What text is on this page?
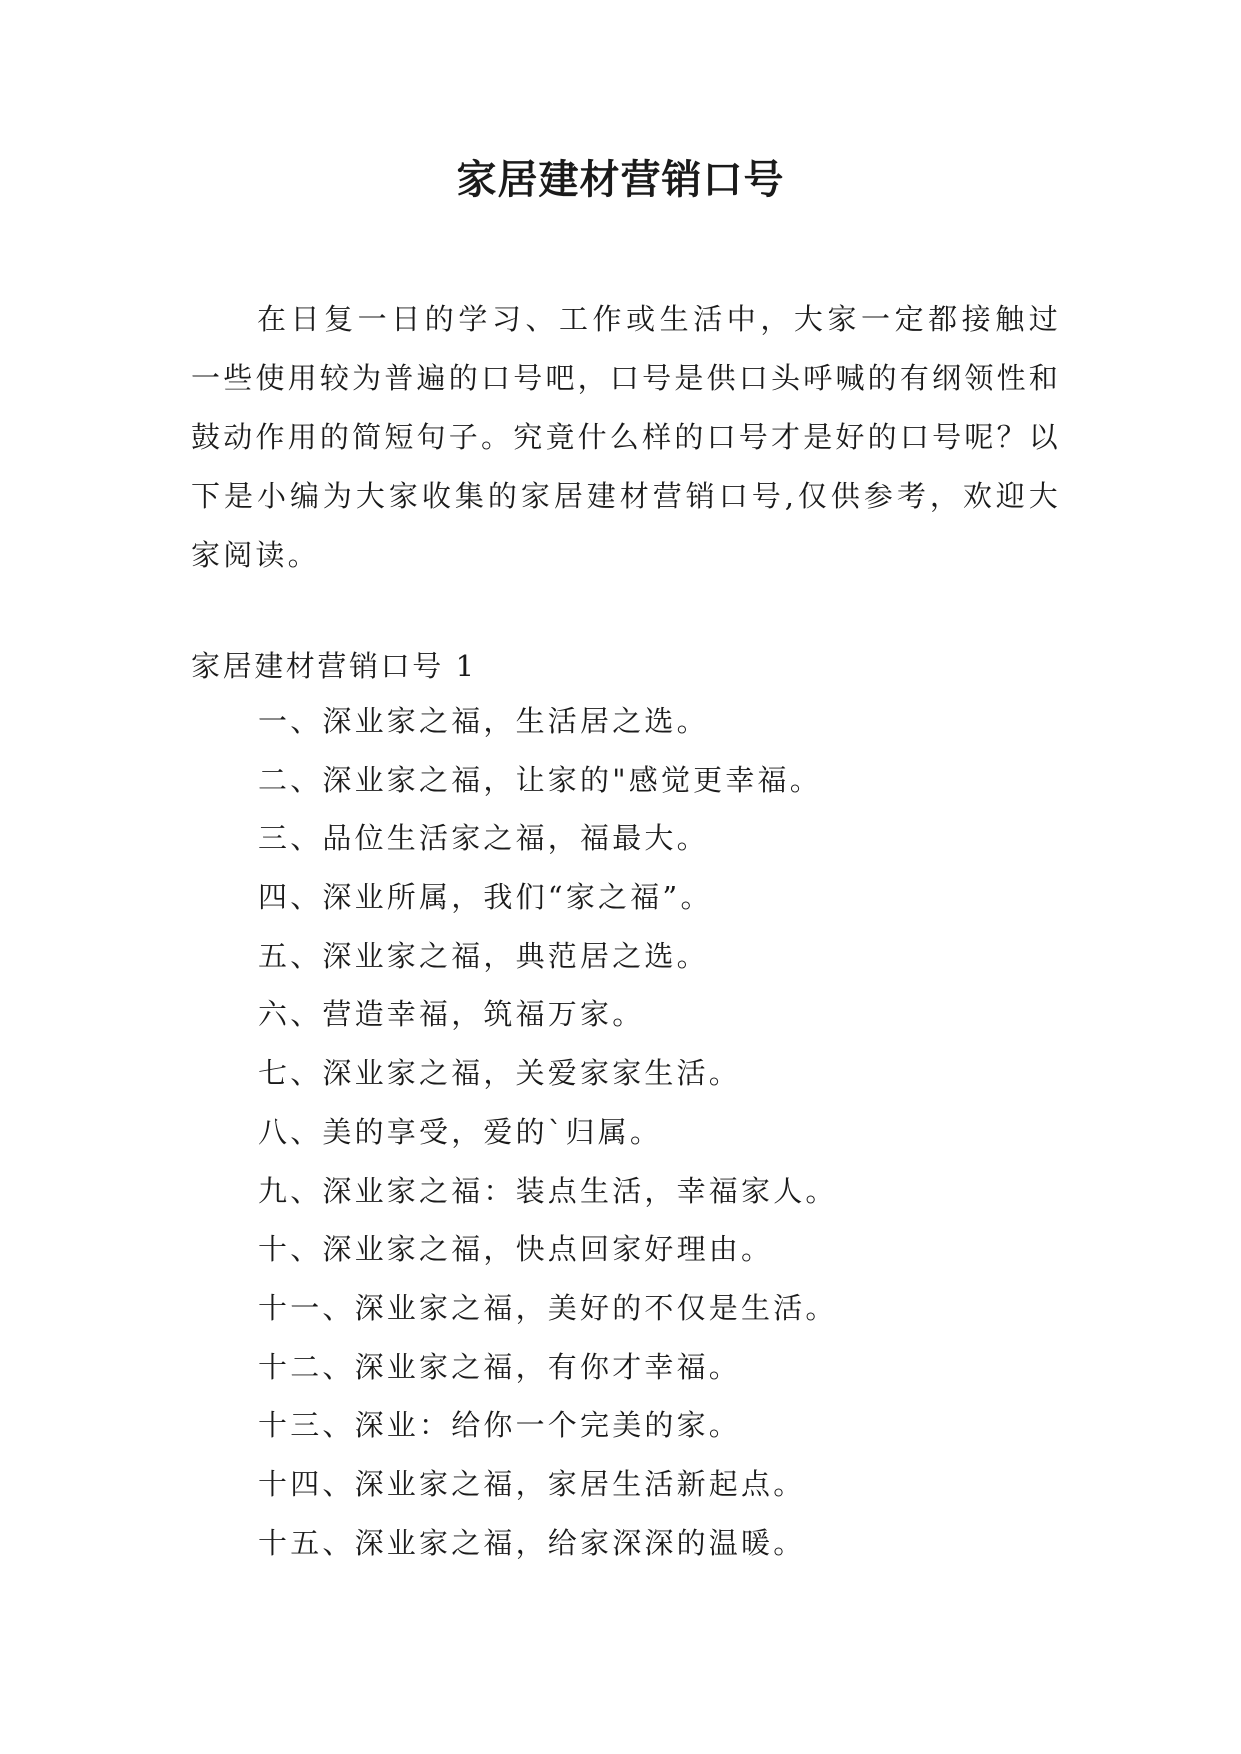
家居建材营销口号

在日复一日的学习、工作或生活中，大家一定都接触过一些使用较为普遍的口号吧，口号是供口头呼喊的有纲领性和鼓动作用的简短句子。究竟什么样的口号才是好的口号呢？以下是小编为大家收集的家居建材营销口号,仅供参考，欢迎大家阅读。

家居建材营销口号 1

一、深业家之福，生活居之选。
二、深业家之福，让家的"感觉更幸福。
三、品位生活家之福，福最大。
四、深业所属，我们“家之福”。
五、深业家之福，典范居之选。
六、营造幸福，筑福万家。
七、深业家之福，关爱家家生活。
八、美的享受，爱的`归属。
九、深业家之福：装点生活，幸福家人。
十、深业家之福，快点回家好理由。
十一、深业家之福，美好的不仅是生活。
十二、深业家之福，有你才幸福。
十三、深业：给你一个完美的家。
十四、深业家之福，家居生活新起点。
十五、深业家之福，给家深深的温暖。
